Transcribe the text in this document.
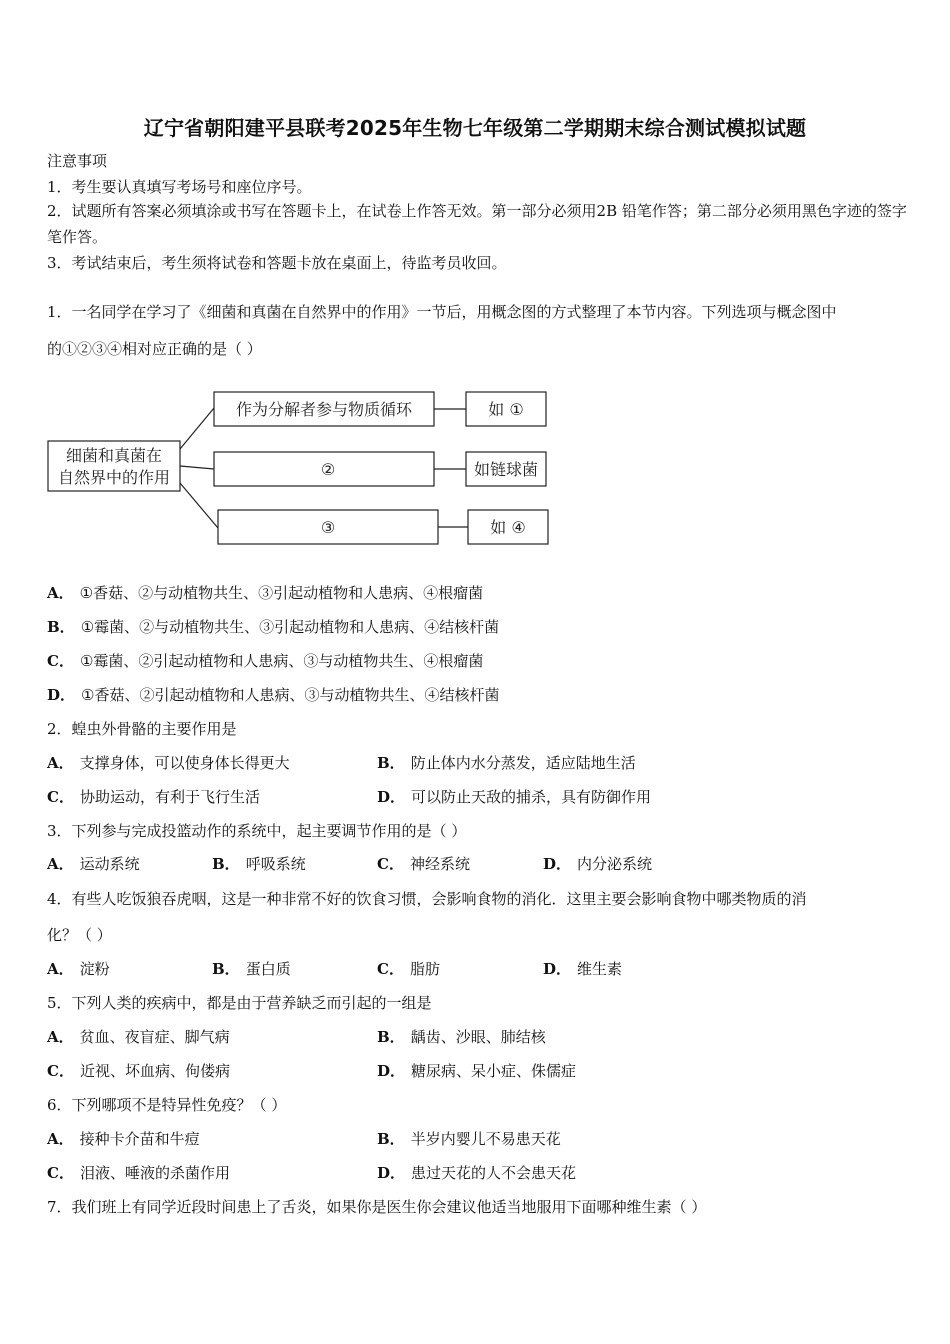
辽宁省朝阳建平县联考2025年生物七年级第二学期期末综合测试模拟试题
注意事项
1．考生要认真填写考场号和座位序号。
2．试题所有答案必须填涂或书写在答题卡上，在试卷上作答无效。第一部分必须用2B 铅笔作答；第二部分必须用黑色字迹的签字笔作答。
3．考试结束后，考生须将试卷和答题卡放在桌面上，待监考员收回。
1．一名同学在学习了《细菌和真菌在自然界中的作用》一节后，用概念图的方式整理了本节内容。下列选项与概念图中
的①②③④相对应正确的是（ ）
细菌和真菌在
自然界中的作用
作为分解者参与物质循环
②
③
如 ①
如链球菌
如 ④
A． ①香菇、②与动植物共生、③引起动植物和人患病、④根瘤菌
B． ①霉菌、②与动植物共生、③引起动植物和人患病、④结核杆菌
C． ①霉菌、②引起动植物和人患病、③与动植物共生、④根瘤菌
D． ①香菇、②引起动植物和人患病、③与动植物共生、④结核杆菌
2．蝗虫外骨骼的主要作用是
A． 支撑身体，可以使身体长得更大	B． 防止体内水分蒸发，适应陆地生活
C． 协助运动，有利于飞行生活	D． 可以防止天敌的捕杀，具有防御作用
3．下列参与完成投篮动作的系统中，起主要调节作用的是（ ）
A． 运动系统	B． 呼吸系统	C． 神经系统	D． 内分泌系统
4．有些人吃饭狼吞虎咽，这是一种非常不好的饮食习惯，会影响食物的消化．这里主要会影响食物中哪类物质的消
化？（ ）
A． 淀粉	B． 蛋白质	C． 脂肪	D． 维生素
5．下列人类的疾病中，都是由于营养缺乏而引起的一组是
A． 贫血、夜盲症、脚气病	B． 龋齿、沙眼、肺结核
C． 近视、坏血病、佝偻病	D． 糖尿病、呆小症、侏儒症
6．下列哪项不是特异性免疫？（ ）
A． 接种卡介苗和牛痘	B． 半岁内婴儿不易患天花
C． 泪液、唾液的杀菌作用	D． 患过天花的人不会患天花
7．我们班上有同学近段时间患上了舌炎，如果你是医生你会建议他适当地服用下面哪种维生素（ ）
